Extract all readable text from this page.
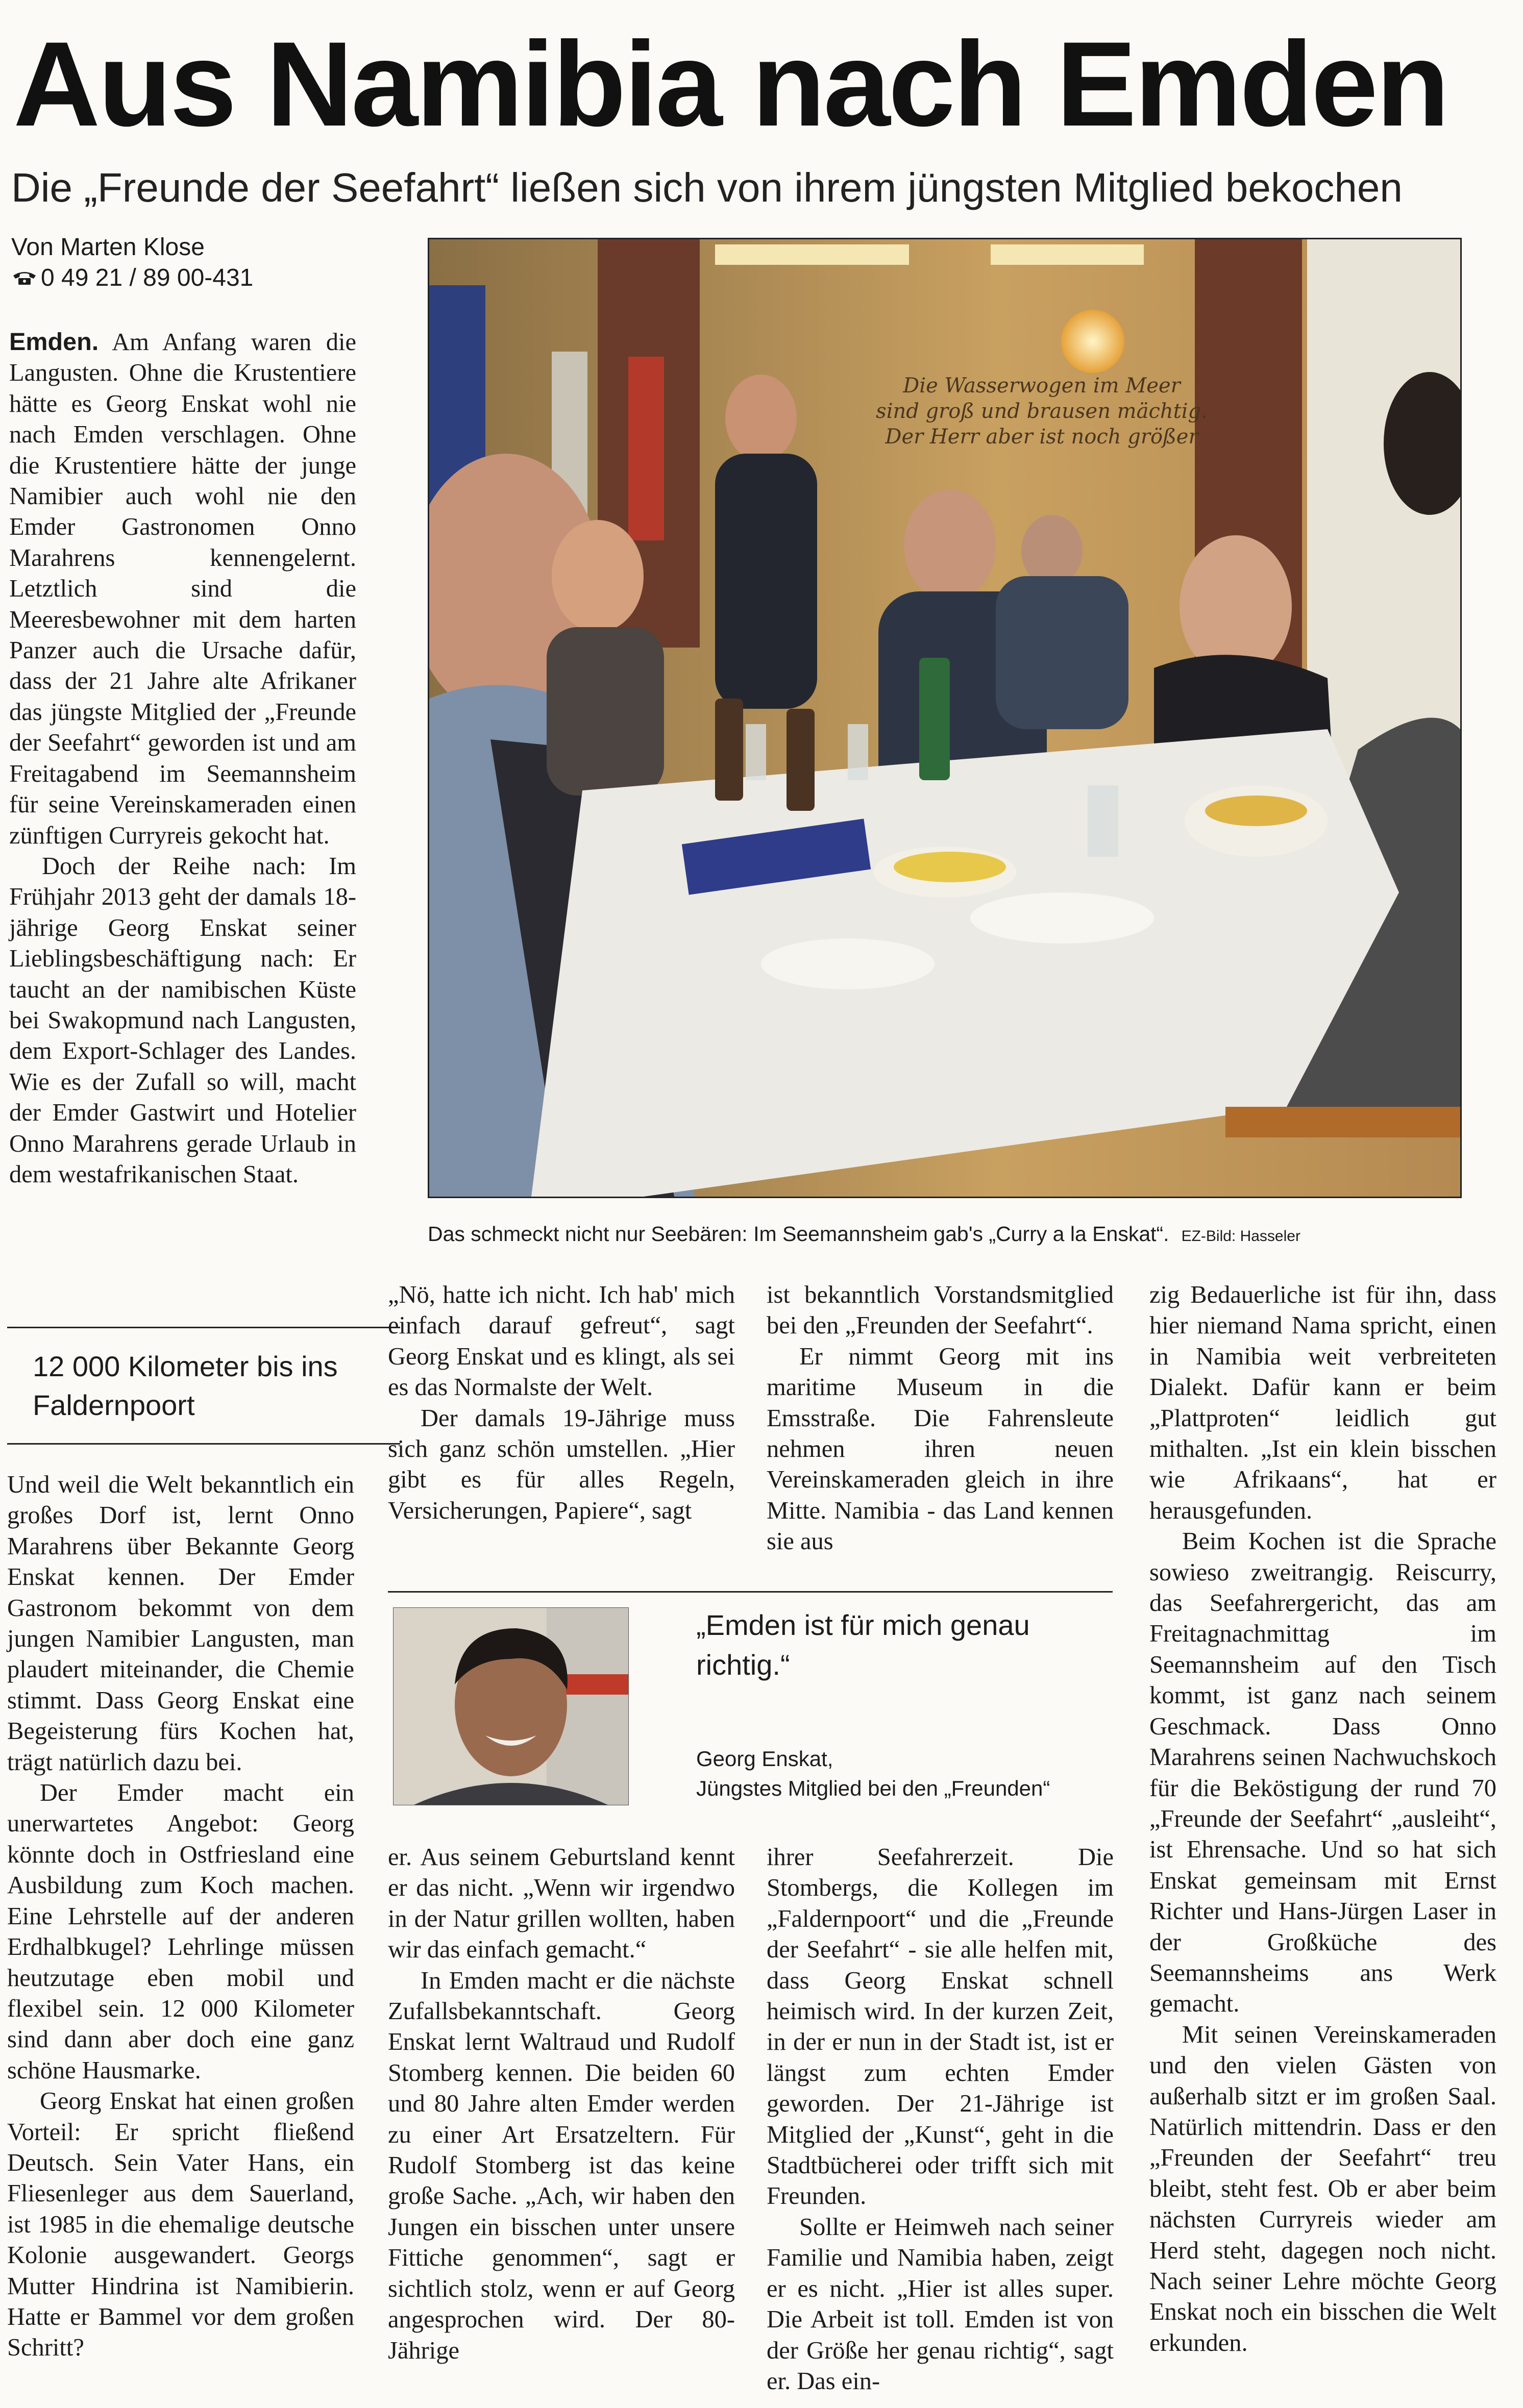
Aus Namibia nach Emden
Die „Freunde der Seefahrt“ ließen sich von ihrem jüngsten Mitglied bekochen
Von Marten Klose
0 49 21 / 89 00-431

Emden. Am Anfang waren die Langusten. Ohne die Krustentiere hätte es Georg Enskat wohl nie nach Emden verschlagen. Ohne die Krustentiere hätte der junge Namibier auch wohl nie den Emder Gastronomen Onno Marahrens kennengelernt. Letztlich sind die Meeresbewohner mit dem harten Panzer auch die Ursache dafür, dass der 21 Jahre alte Afrikaner das jüngste Mitglied der „Freunde der Seefahrt“ geworden ist und am Freitagabend im Seemannsheim für seine Vereinskameraden einen zünftigen Curryreis gekocht hat.

Doch der Reihe nach: Im Frühjahr 2013 geht der damals 18-jährige Georg Enskat seiner Lieblingsbeschäftigung nach: Er taucht an der namibischen Küste bei Swakopmund nach Langusten, dem Export-Schlager des Landes. Wie es der Zufall so will, macht der Emder Gastwirt und Hotelier Onno Marahrens gerade Urlaub in dem westafrikanischen Staat.

Die Wasserwogen im Meer
sind groß und brausen mächtig.
Der Herr aber ist noch größer
Das schmeckt nicht nur Seebären: Im Seemannsheim gab's „Curry a la Enskat“. EZ-Bild: Hasseler
12 000 Kilometer bis ins Faldernpoort

Und weil die Welt bekanntlich ein großes Dorf ist, lernt Onno Marahrens über Bekannte Georg Enskat kennen. Der Emder Gastronom bekommt von dem jungen Namibier Langusten, man plaudert miteinander, die Chemie stimmt. Dass Georg Enskat eine Begeisterung fürs Kochen hat, trägt natürlich dazu bei.

Der Emder macht ein unerwartetes Angebot: Georg könnte doch in Ostfriesland eine Ausbildung zum Koch machen. Eine Lehrstelle auf der anderen Erdhalbkugel? Lehrlinge müssen heutzutage eben mobil und flexibel sein. 12 000 Kilometer sind dann aber doch eine ganz schöne Hausmarke.

Georg Enskat hat einen großen Vorteil: Er spricht fließend Deutsch. Sein Vater Hans, ein Fliesenleger aus dem Sauerland, ist 1985 in die ehemalige deutsche Kolonie ausgewandert. Georgs Mutter Hindrina ist Namibierin. Hatte er Bammel vor dem großen Schritt?

„Nö, hatte ich nicht. Ich hab' mich einfach darauf gefreut“, sagt Georg Enskat und es klingt, als sei es das Normalste der Welt.

Der damals 19-Jährige muss sich ganz schön umstellen. „Hier gibt es für alles Regeln, Versicherungen, Papiere“, sagt

ist bekanntlich Vorstandsmitglied bei den „Freunden der Seefahrt“.

Er nimmt Georg mit ins maritime Museum in die Emsstraße. Die Fahrensleute nehmen ihren neuen Vereinskameraden gleich in ihre Mitte. Namibia - das Land kennen sie aus

„Emden ist für mich genau richtig.“
Georg Enskat,
Jüngstes Mitglied bei den „Freunden“

er. Aus seinem Geburtsland kennt er das nicht. „Wenn wir irgendwo in der Natur grillen wollten, haben wir das einfach gemacht.“

In Emden macht er die nächste Zufallsbekanntschaft. Georg Enskat lernt Waltraud und Rudolf Stomberg kennen. Die beiden 60 und 80 Jahre alten Emder werden zu einer Art Ersatzeltern. Für Rudolf Stomberg ist das keine große Sache. „Ach, wir haben den Jungen ein bisschen unter unsere Fittiche genommen“, sagt er sichtlich stolz, wenn er auf Georg angesprochen wird. Der 80-Jährige

ihrer Seefahrerzeit. Die Stombergs, die Kollegen im „Faldernpoort“ und die „Freunde der Seefahrt“ - sie alle helfen mit, dass Georg Enskat schnell heimisch wird. In der kurzen Zeit, in der er nun in der Stadt ist, ist er längst zum echten Emder geworden. Der 21-Jährige ist Mitglied der „Kunst“, geht in die Stadtbücherei oder trifft sich mit Freunden.

Sollte er Heimweh nach seiner Familie und Namibia haben, zeigt er es nicht. „Hier ist alles super. Die Arbeit ist toll. Emden ist von der Größe her genau richtig“, sagt er. Das ein-

zig Bedauerliche ist für ihn, dass hier niemand Nama spricht, einen in Namibia weit verbreiteten Dialekt. Dafür kann er beim „Plattproten“ leidlich gut mithalten. „Ist ein klein bisschen wie Afrikaans“, hat er herausgefunden.

Beim Kochen ist die Sprache sowieso zweitrangig. Reiscurry, das Seefahrergericht, das am Freitagnachmittag im Seemannsheim auf den Tisch kommt, ist ganz nach seinem Geschmack. Dass Onno Marahrens seinen Nachwuchskoch für die Beköstigung der rund 70 „Freunde der Seefahrt“ „ausleiht“, ist Ehrensache. Und so hat sich Enskat gemeinsam mit Ernst Richter und Hans-Jürgen Laser in der Großküche des Seemannsheims ans Werk gemacht.

Mit seinen Vereinskameraden und den vielen Gästen von außerhalb sitzt er im großen Saal. Natürlich mittendrin. Dass er den „Freunden der Seefahrt“ treu bleibt, steht fest. Ob er aber beim nächsten Curryreis wieder am Herd steht, dagegen noch nicht. Nach seiner Lehre möchte Georg Enskat noch ein bisschen die Welt erkunden.
